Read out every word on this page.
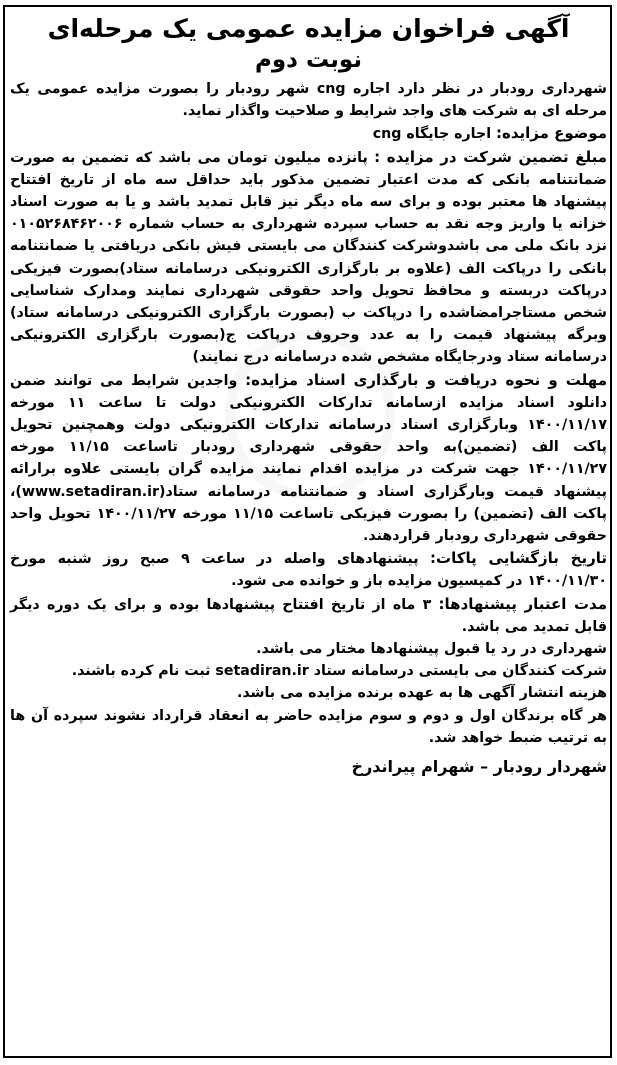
آگهی فراخوان مزایده عمومی یک مرحله‌ای
نوبت دوم

شهرداری رودبار در نظر دارد اجاره cng شهر رودبار را بصورت مزایده عمومی یک مرحله ای به شرکت های واجد شرایط و صلاحیت واگذار نماید.

موضوع مزایده: اجاره جایگاه cng

مبلغ تضمین شرکت در مزایده : پانزده میلیون تومان می باشد که تضمین به صورت ضمانتنامه بانکی که مدت اعتبار تضمین مذکور باید حداقل سه ماه از تاریخ افتتاح پیشنهاد ها معتبر بوده و برای سه ماه دیگر نیز قابل تمدید باشد و یا به صورت اسناد خزانه یا واریز وجه نقد به حساب سپرده شهرداری به حساب شماره ۰۱۰۵۲۶۸۴۶۲۰۰۶ نزد بانک ملی می باشدوشرکت کنندگان می بایستی فیش بانکی دریافتی یا ضمانتنامه بانکی را درپاکت الف (علاوه بر بارگزاری الکترونیکی درسامانه ستاد)بصورت فیزیکی درپاکت دربسته و محافظ تحویل واحد حقوقی شهرداری نمایند ومدارک شناسایی شخص مستاجرامضاشده را درپاکت ب (بصورت بارگزاری الکترونیکی درسامانه ستاد) وبرگه پیشنهاد قیمت را به عدد وحروف درپاکت ج(بصورت بارگزاری الکترونیکی درسامانه ستاد ودرجایگاه مشخص شده درسامانه درج نمایند)

مهلت و نحوه دریافت و بارگذاری اسناد مزایده: واجدین شرایط می توانند ضمن دانلود اسناد مزایده ازسامانه تدارکات الکترونیکی دولت تا ساعت ۱۱ مورخه ۱۴۰۰/۱۱/۱۷ وبارگزاری اسناد درسامانه تدارکات الکترونیکی دولت وهمچنین تحویل پاکت الف (تضمین)به واحد حقوقی شهرداری رودبار تاساعت ۱۱/۱۵ مورخه ۱۴۰۰/۱۱/۲۷ جهت شرکت در مزایده اقدام نمایند مزایده گران بایستی علاوه برارائه پیشنهاد قیمت وبارگزاری اسناد و ضمانتنامه درسامانه ستاد(www.setadiran.ir)، پاکت الف (تضمین) را بصورت فیزیکی تاساعت ۱۱/۱۵ مورخه ۱۴۰۰/۱۱/۲۷ تحویل واحد حقوقی شهرداری رودبار قراردهند.

تاریخ بازگشایی پاکات: پیشنهادهای واصله در ساعت ۹ صبح روز شنبه مورخ ۱۴۰۰/۱۱/۳۰ در کمیسیون مزایده باز و خوانده می شود.

مدت اعتبار پیشنهادها: ۳ ماه از تاریخ افتتاح پیشنهادها بوده و برای یک دوره دیگر قابل تمدید می باشد.

شهرداری در رد یا قبول پیشنهادها مختار می باشد.

شرکت کنندگان می بایستی درسامانه ستاد setadiran.ir ثبت نام کرده باشند.

هزینه انتشار آگهی ها به عهده برنده مزایده می باشد.

هر گاه برندگان اول و دوم و سوم مزایده حاضر به انعقاد قرارداد نشوند سپرده آن ها به ترتیب ضبط خواهد شد.

شهردار رودبار – شهرام پیراندرخ
